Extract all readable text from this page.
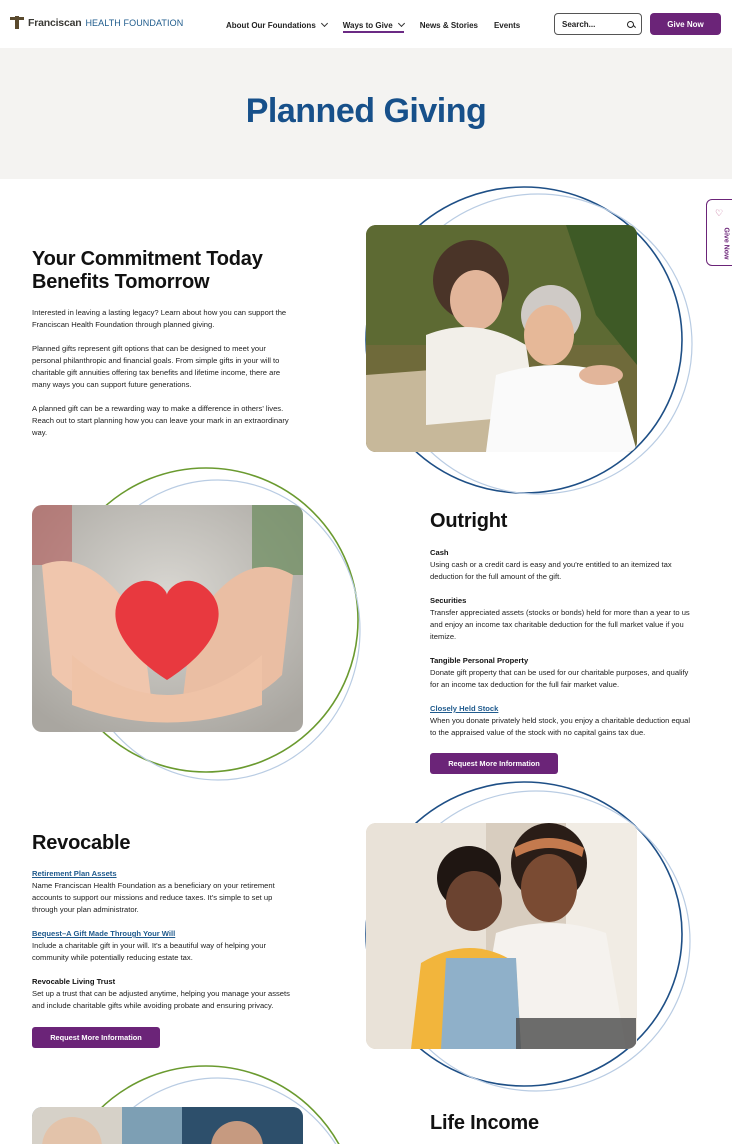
Franciscan HEALTH FOUNDATION	About Our Foundations	Ways to Give	News & Stories Events	Search...	Give Now
Planned Giving
♡
Give Now
Your Commitment Today
Benefits Tomorrow
Interested in leaving a lasting legacy? Learn about how you can support the
Franciscan Health Foundation through planned giving.
Planned gifts represent gift options that can be designed to meet your
personal philanthropic and financial goals. From simple gifts in your will to
charitable gift annuities offering tax benefits and lifetime income, there are
many ways you can support future generations.
A planned gift can be a rewarding way to make a difference in others' lives.
Reach out to start planning how you can leave your mark in an extraordinary
way.
Outright
Cash

Using cash or a credit card is easy and you're entitled to an itemized tax

deduction for the full amount of the gift.

Securities

Transfer appreciated assets (stocks or bonds) held for more than a year to us

and enjoy an income tax charitable deduction for the full market value if you

itemize.

Tangible Personal Property

Donate gift property that can be used for our charitable purposes, and qualify

for an income tax deduction for the full fair market value.

Closely Held Stock

When you donate privately held stock, you enjoy a charitable deduction equal

to the appraised value of the stock with no capital gains tax due.

Request More Information
Revocable
Retirement Plan Assets

Name Franciscan Health Foundation as a beneficiary on your retirement

accounts to support our missions and reduce taxes. It's simple to set up

through your plan administrator.

Bequest–A Gift Made Through Your Will

Include a charitable gift in your will. It's a beautiful way of helping your

community while potentially reducing estate tax.

Revocable Living Trust

Set up a trust that can be adjusted anytime, helping you manage your assets

and include charitable gifts while avoiding probate and ensuring privacy.

Request More Information
Life Income
